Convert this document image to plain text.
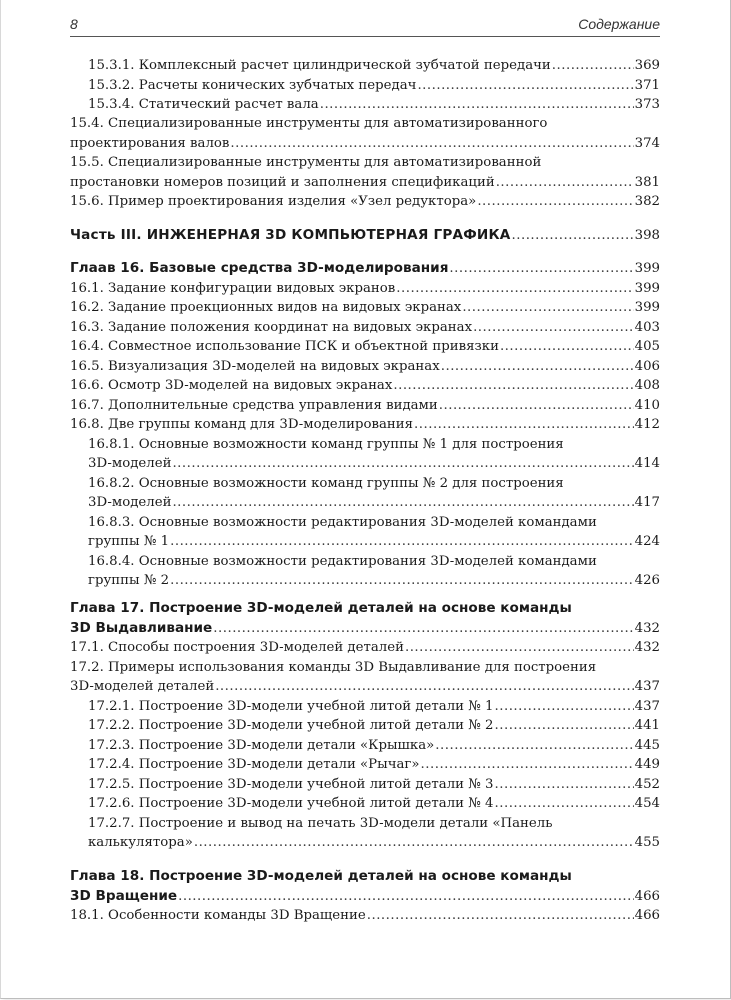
8	Содержание
15.3.1. Комплексный расчет цилиндрической зубчатой передачи .....	369
15.3.2. Расчеты конических зубчатых передач .....	371
15.3.4. Статический расчет вала .....	373
15.4. Специализированные инструменты для автоматизированного
проектирования валов .....	374
15.5. Специализированные инструменты для автоматизированной
простановки номеров позиций и заполнения спецификаций .....	381
15.6. Пример проектирования изделия «Узел редуктора» .....	382
Часть III. ИНЖЕНЕРНАЯ 3D КОМПЬЮТЕРНАЯ ГРАФИКА .....	398
Глаав 16. Базовые средства 3D-моделирования .....	399
16.1. Задание конфигурации видовых экранов .....	399
16.2. Задание проекционных видов на видовых экранах .....	399
16.3. Задание положения координат на видовых экранах .....	403
16.4. Совместное использование ПСК и объектной привязки .....	405
16.5. Визуализация 3D-моделей на видовых экранах .....	406
16.6. Осмотр 3D-моделей на видовых экранах .....	408
16.7. Дополнительные средства управления видами .....	410
16.8. Две группы команд для 3D-моделирования .....	412
16.8.1. Основные возможности команд группы № 1 для построения
3D-моделей .....	414
16.8.2. Основные возможности команд группы № 2 для построения
3D-моделей .....	417
16.8.3. Основные возможности редактирования 3D-моделей командами
группы № 1 .....	424
16.8.4. Основные возможности редактирования 3D-моделей командами
группы № 2 .....	426
Глава 17. Построение 3D-моделей деталей на основе команды
3D Выдавливание .....	432
17.1. Способы построения 3D-моделей деталей .....	432
17.2. Примеры использования команды 3D Выдавливание для построения
3D-моделей деталей .....	437
17.2.1. Построение 3D-модели учебной литой детали № 1 .....	437
17.2.2. Построение 3D-модели учебной литой детали № 2 .....	441
17.2.3. Построение 3D-модели детали «Крышка» .....	445
17.2.4. Построение 3D-модели детали «Рычаг» .....	449
17.2.5. Построение 3D-модели учебной литой детали № 3 .....	452
17.2.6. Построение 3D-модели учебной литой детали № 4 .....	454
17.2.7. Построение и вывод на печать 3D-модели детали «Панель
калькулятора» .....	455
Глава 18. Построение 3D-моделей деталей на основе команды
3D Вращение .....	466
18.1. Особенности команды 3D Вращение .....	466
